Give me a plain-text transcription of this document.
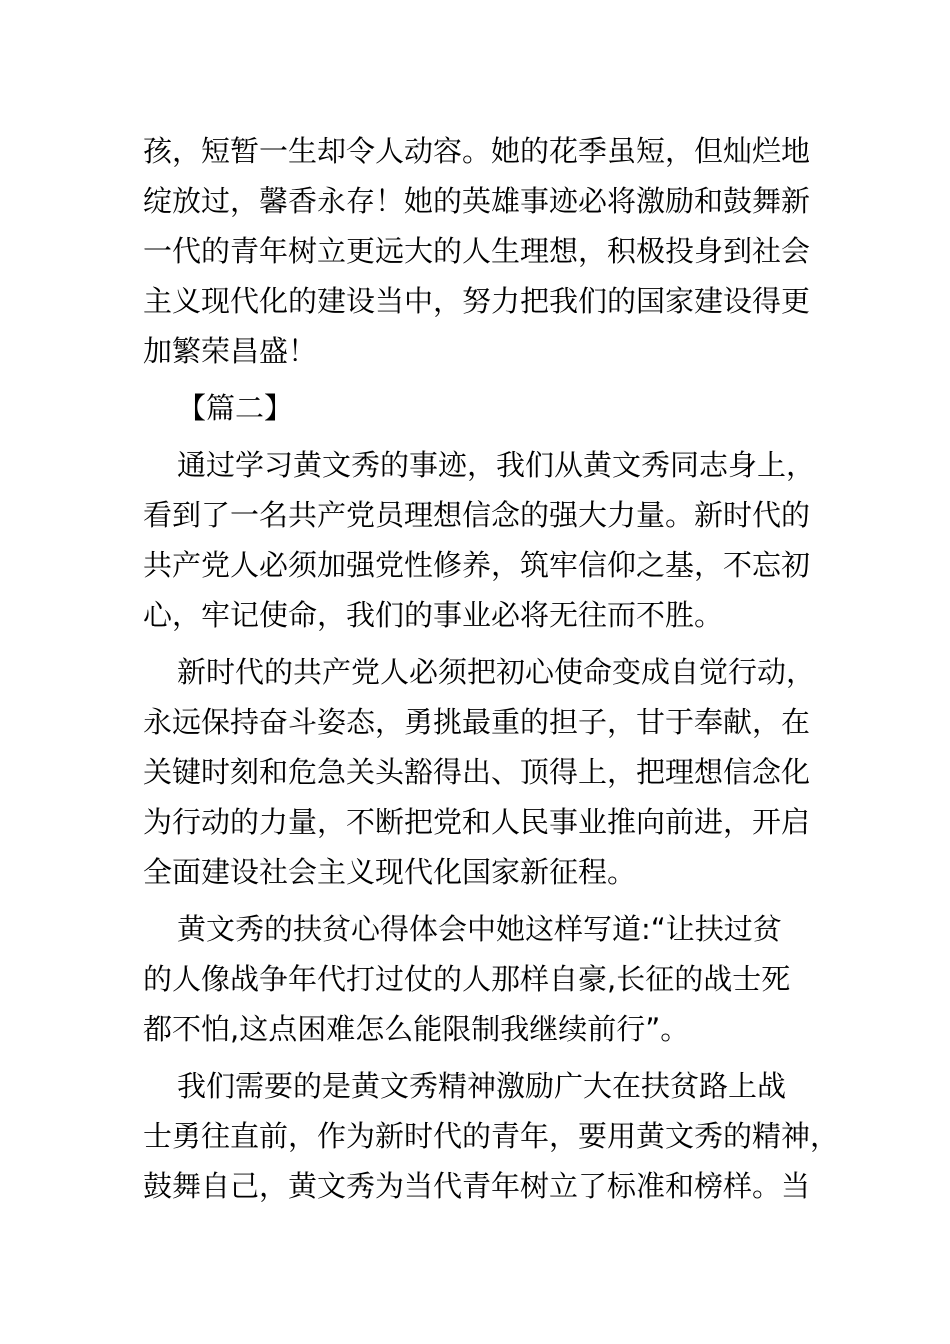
孩，短暂一生却令人动容。她的花季虽短，但灿烂地
绽放过，馨香永存！她的英雄事迹必将激励和鼓舞新
一代的青年树立更远大的人生理想，积极投身到社会
主义现代化的建设当中，努力把我们的国家建设得更
加繁荣昌盛！
【篇二】
通过学习黄文秀的事迹，我们从黄文秀同志身上，
看到了一名共产党员理想信念的强大力量。新时代的
共产党人必须加强党性修养，筑牢信仰之基，不忘初
心，牢记使命，我们的事业必将无往而不胜。
新时代的共产党人必须把初心使命变成自觉行动，
永远保持奋斗姿态，勇挑最重的担子，甘于奉献，在
关键时刻和危急关头豁得出、顶得上，把理想信念化
为行动的力量，不断把党和人民事业推向前进，开启
全面建设社会主义现代化国家新征程。
黄文秀的扶贫心得体会中她这样写道:“让扶过贫
的人像战争年代打过仗的人那样自豪,长征的战士死
都不怕,这点困难怎么能限制我继续前行”。
我们需要的是黄文秀精神激励广大在扶贫路上战
士勇往直前，作为新时代的青年，要用黄文秀的精神，
鼓舞自己，黄文秀为当代青年树立了标准和榜样。当
